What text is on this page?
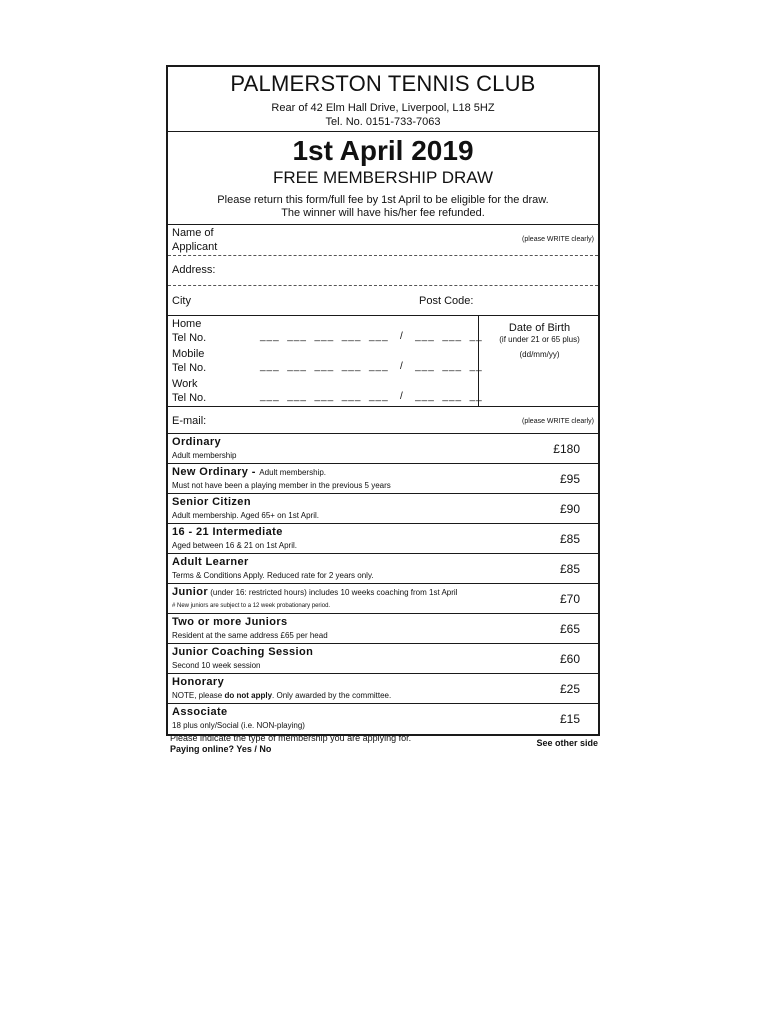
PALMERSTON TENNIS CLUB
Rear of 42 Elm Hall Drive, Liverpool, L18 5HZ
Tel. No. 0151-733-7063
1st April 2019
FREE MEMBERSHIP DRAW
Please return this form/full fee by 1st April to be eligible for the draw.
The winner will have his/her fee refunded.
Name of
Applicant
(please WRITE clearly)
Address:
City	Post Code:
Home
Tel No.	___  ___  ___  ___  ___   /   ___  ___  __
Mobile
Tel No.	___  ___  ___  ___  ___   /   ___  ___  __
Work
Tel No.	___  ___  ___  ___  ___   /   ___  ___  __
Date of Birth
(if under 21 or 65 plus)
(dd/mm/yy)
E-mail:	(please WRITE clearly)
Ordinary
Adult membership	£180
New Ordinary - Adult membership.
Must not have been a playing member in the previous 5 years	£95
Senior Citizen
Adult membership. Aged 65+ on 1st April.	£90
16 - 21 Intermediate
Aged between 16 & 21 on 1st April.	£85
Adult Learner
Terms & Conditions Apply. Reduced rate for 2 years only.	£85
Junior (under 16: restricted hours) includes 10 weeks coaching from 1st April
# New juniors are subject to a 12 week probationary period.	£70
Two or more Juniors
Resident at the same address £65 per head	£65
Junior Coaching Session
Second 10 week session	£60
Honorary
NOTE, please do not apply. Only awarded by the committee.	£25
Associate
18 plus only/Social (i.e. NON-playing)	£15
Please indicate the type of membership you are applying for.
Paying online? Yes / No
See other side
